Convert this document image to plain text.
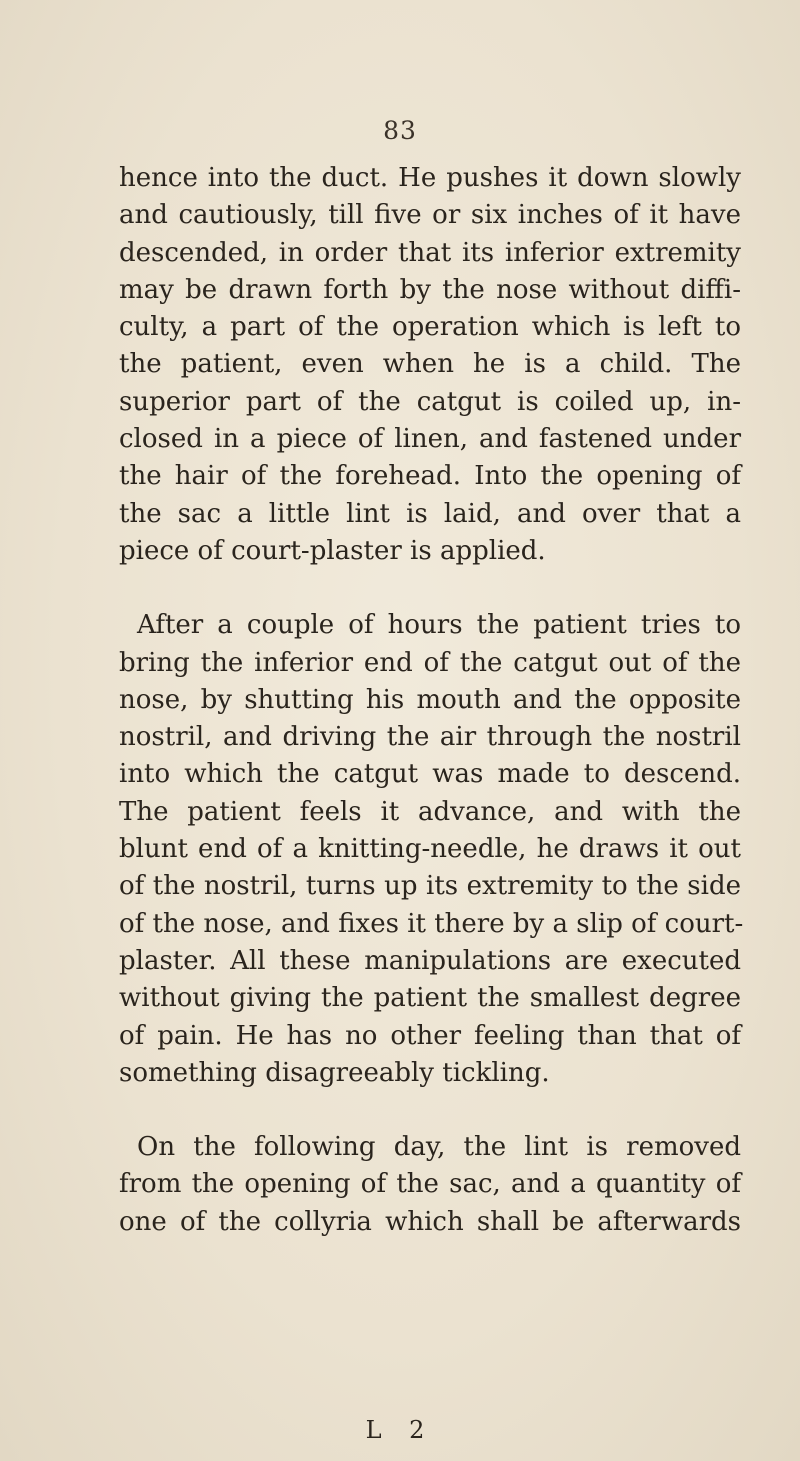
83

hence into the duct. He pushes it down slowly
and cautiously, till five or six inches of it have
descended, in order that its inferior extremity
may be drawn forth by the nose without diffi-
culty, a part of the operation which is left to
the patient, even when he is a child. The
superior part of the catgut is coiled up, in-
closed in a piece of linen, and fastened under
the hair of the forehead. Into the opening of
the sac a little lint is laid, and over that a
piece of court-plaster is applied.

After a couple of hours the patient tries to
bring the inferior end of the catgut out of the
nose, by shutting his mouth and the opposite
nostril, and driving the air through the nostril
into which the catgut was made to descend.
The patient feels it advance, and with the
blunt end of a knitting-needle, he draws it out
of the nostril, turns up its extremity to the side
of the nose, and fixes it there by a slip of court-
plaster. All these manipulations are executed
without giving the patient the smallest degree
of pain. He has no other feeling than that of
something disagreeably tickling.

On the following day, the lint is removed
from the opening of the sac, and a quantity of
one of the collyria which shall be afterwards

L 2
